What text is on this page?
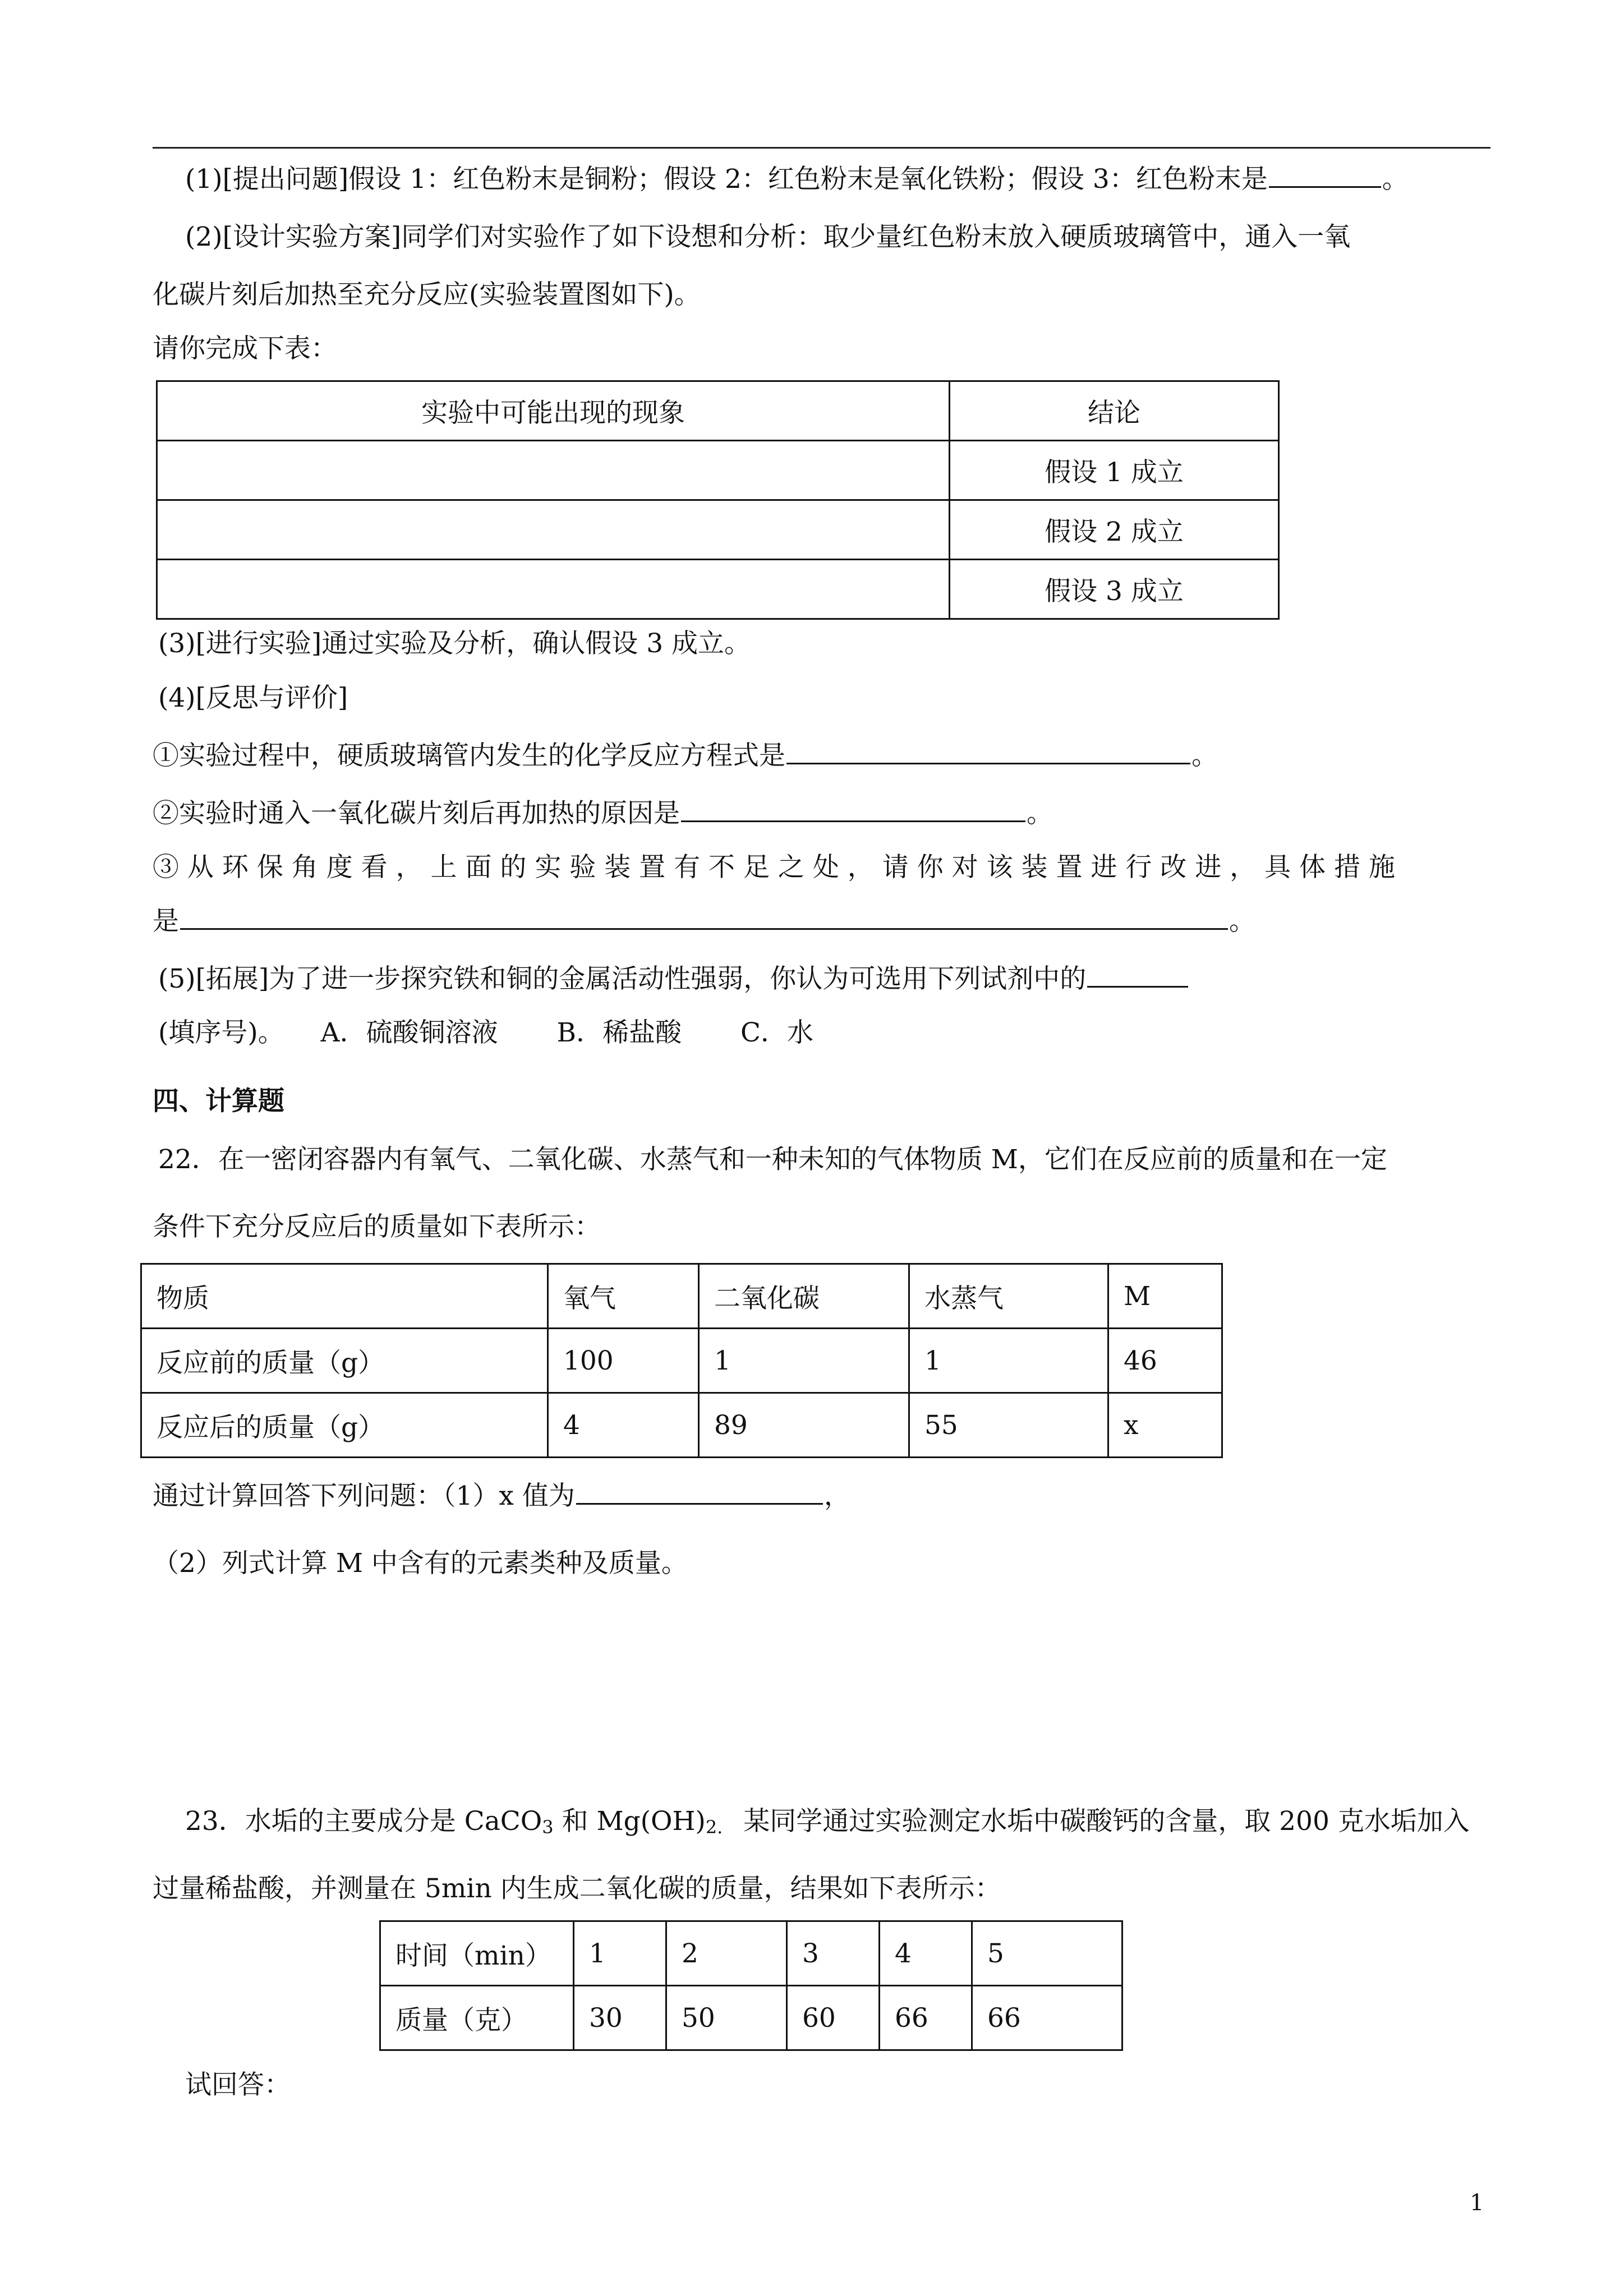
(1)[提出问题]假设 1：红色粉末是铜粉；假设 2：红色粉末是氧化铁粉；假设 3：红色粉末是	。
(2)[设计实验方案]同学们对实验作了如下设想和分析：取少量红色粉末放入硬质玻璃管中，通入一氧
化碳片刻后加热至充分反应(实验装置图如下)。
请你完成下表：
实验中可能出现的现象	结论
	假设 1 成立
	假设 2 成立
	假设 3 成立
(3)[进行实验]通过实验及分析，确认假设 3 成立。
(4)[反思与评价]
①实验过程中，硬质玻璃管内发生的化学反应方程式是	。
②实验时通入一氧化碳片刻后再加热的原因是	。
③ 从 环 保 角 度 看 ， 上 面 的 实 验 装 置 有 不 足 之 处 ， 请 你 对 该 装 置 进 行 改 进 ， 具 体 措 施
是	。
(5)[拓展]为了进一步探究铁和铜的金属活动性强弱，你认为可选用下列试剂中的
(填序号)。 A．硫酸铜溶液 B．稀盐酸 C．水
四、计算题
22．在一密闭容器内有氧气、二氧化碳、水蒸气和一种未知的气体物质 M，它们在反应前的质量和在一定
条件下充分反应后的质量如下表所示：
物质	氧气	二氧化碳	水蒸气	M
反应前的质量（g）	100	1	1	46
反应后的质量（g）	4	89	55	x
通过计算回答下列问题：（1）x 值为	，
（2）列式计算 M 中含有的元素类种及质量。
23．水垢的主要成分是 CaCO$_3$ 和 $Mg(OH)_{2.}$ 某同学通过实验测定水垢中碳酸钙的含量，取 200 克水垢加入
过量稀盐酸，并测量在 5min 内生成二氧化碳的质量，结果如下表所示：
时间（min）	1	2	3	4	5
质量（克）	30	50	60	66	66
试回答：
1
